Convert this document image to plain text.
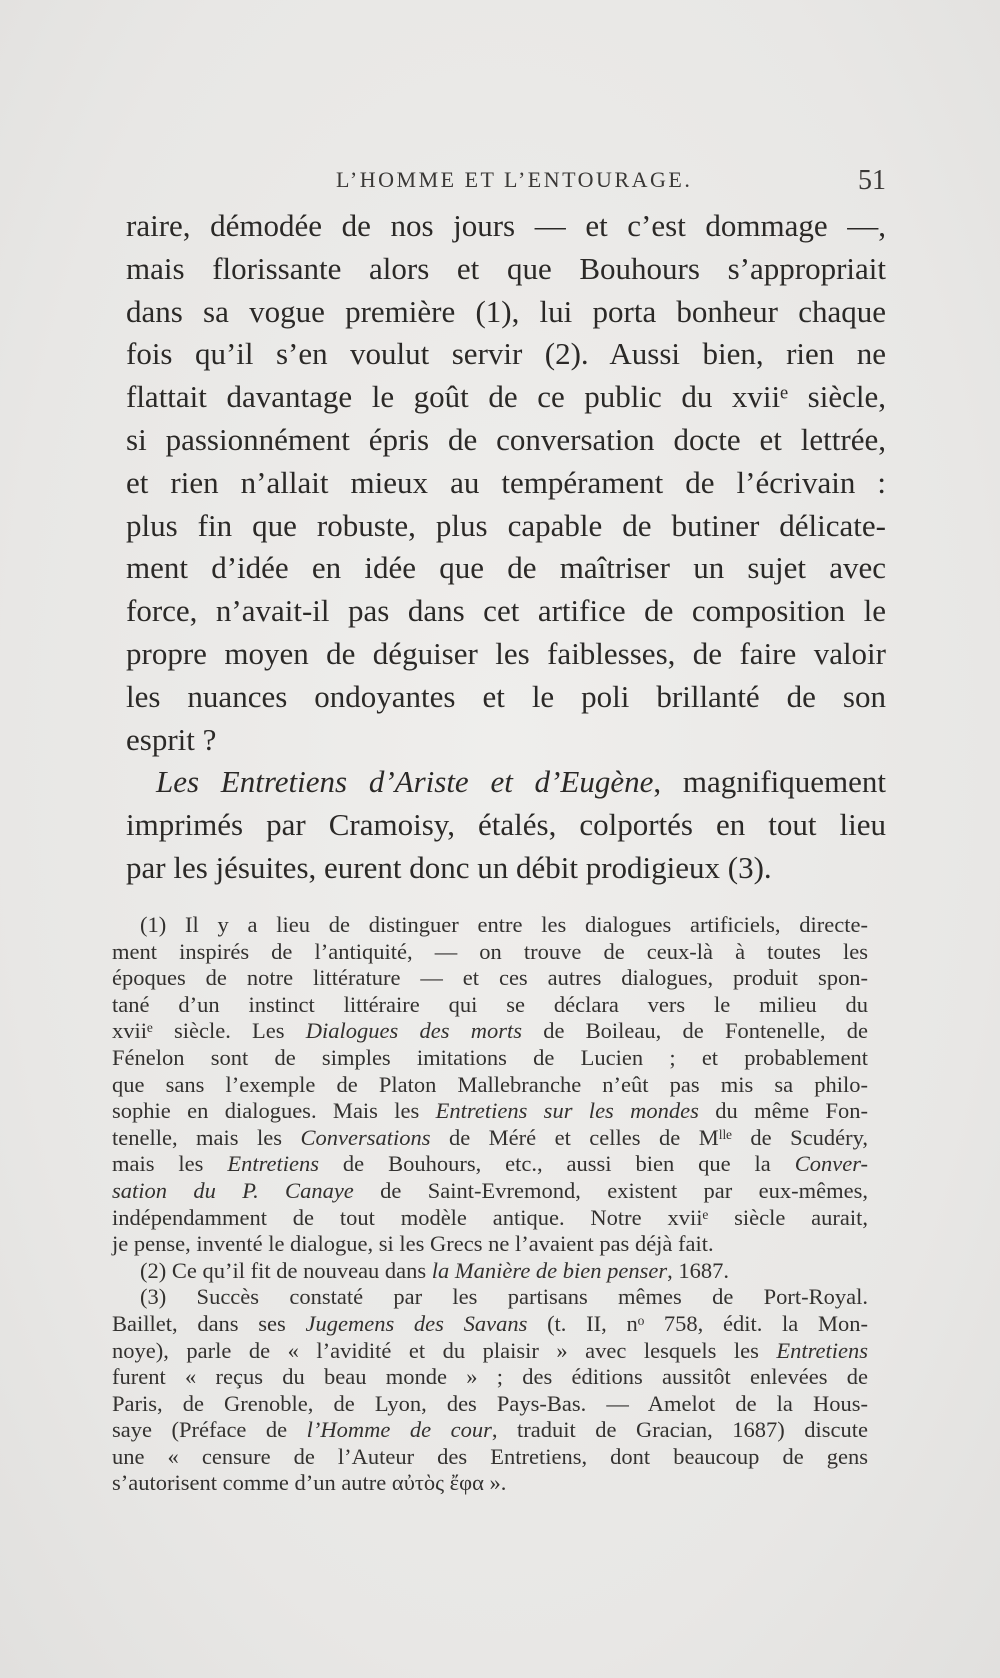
L’HOMME ET L’ENTOURAGE.	51
raire, démodée de nos jours — et c’est dommage —,
mais florissante alors et que Bouhours s’appropriait
dans sa vogue première (1), lui porta bonheur chaque
fois qu’il s’en voulut servir (2). Aussi bien, rien ne
flattait davantage le goût de ce public du xviiᵉ siècle,
si passionnément épris de conversation docte et lettrée,
et rien n’allait mieux au tempérament de l’écrivain :
plus fin que robuste, plus capable de butiner délicate-
ment d’idée en idée que de maîtriser un sujet avec
force, n’avait-il pas dans cet artifice de composition le
propre moyen de déguiser les faiblesses, de faire valoir
les nuances ondoyantes et le poli brillanté de son
esprit ?
Les Entretiens d’Ariste et d’Eugène, magnifiquement
imprimés par Cramoisy, étalés, colportés en tout lieu
par les jésuites, eurent donc un débit prodigieux (3).
(1) Il y a lieu de distinguer entre les dialogues artificiels, directe-
ment inspirés de l’antiquité, — on trouve de ceux-là à toutes les
époques de notre littérature — et ces autres dialogues, produit spon-
tané d’un instinct littéraire qui se déclara vers le milieu du
xviiᵉ siècle. Les Dialogues des morts de Boileau, de Fontenelle, de
Fénelon sont de simples imitations de Lucien ; et probablement
que sans l’exemple de Platon Mallebranche n’eût pas mis sa philo-
sophie en dialogues. Mais les Entretiens sur les mondes du même Fon-
tenelle, mais les Conversations de Méré et celles de Mˡˡᵉ de Scudéry,
mais les Entretiens de Bouhours, etc., aussi bien que la Conver-
sation du P. Canaye de Saint-Evremond, existent par eux-mêmes,
indépendamment de tout modèle antique. Notre xviiᵉ siècle aurait,
je pense, inventé le dialogue, si les Grecs ne l’avaient pas déjà fait.
(2) Ce qu’il fit de nouveau dans la Manière de bien penser, 1687.
(3) Succès constaté par les partisans mêmes de Port-Royal.
Baillet, dans ses Jugemens des Savans (t. II, nᵒ 758, édit. la Mon-
noye), parle de « l’avidité et du plaisir » avec lesquels les Entretiens
furent « reçus du beau monde » ; des éditions aussitôt enlevées de
Paris, de Grenoble, de Lyon, des Pays-Bas. — Amelot de la Hous-
saye (Préface de l’Homme de cour, traduit de Gracian, 1687) discute
une « censure de l’Auteur des Entretiens, dont beaucoup de gens
s’autorisent comme d’un autre αὐτὸς ἔφα ».
